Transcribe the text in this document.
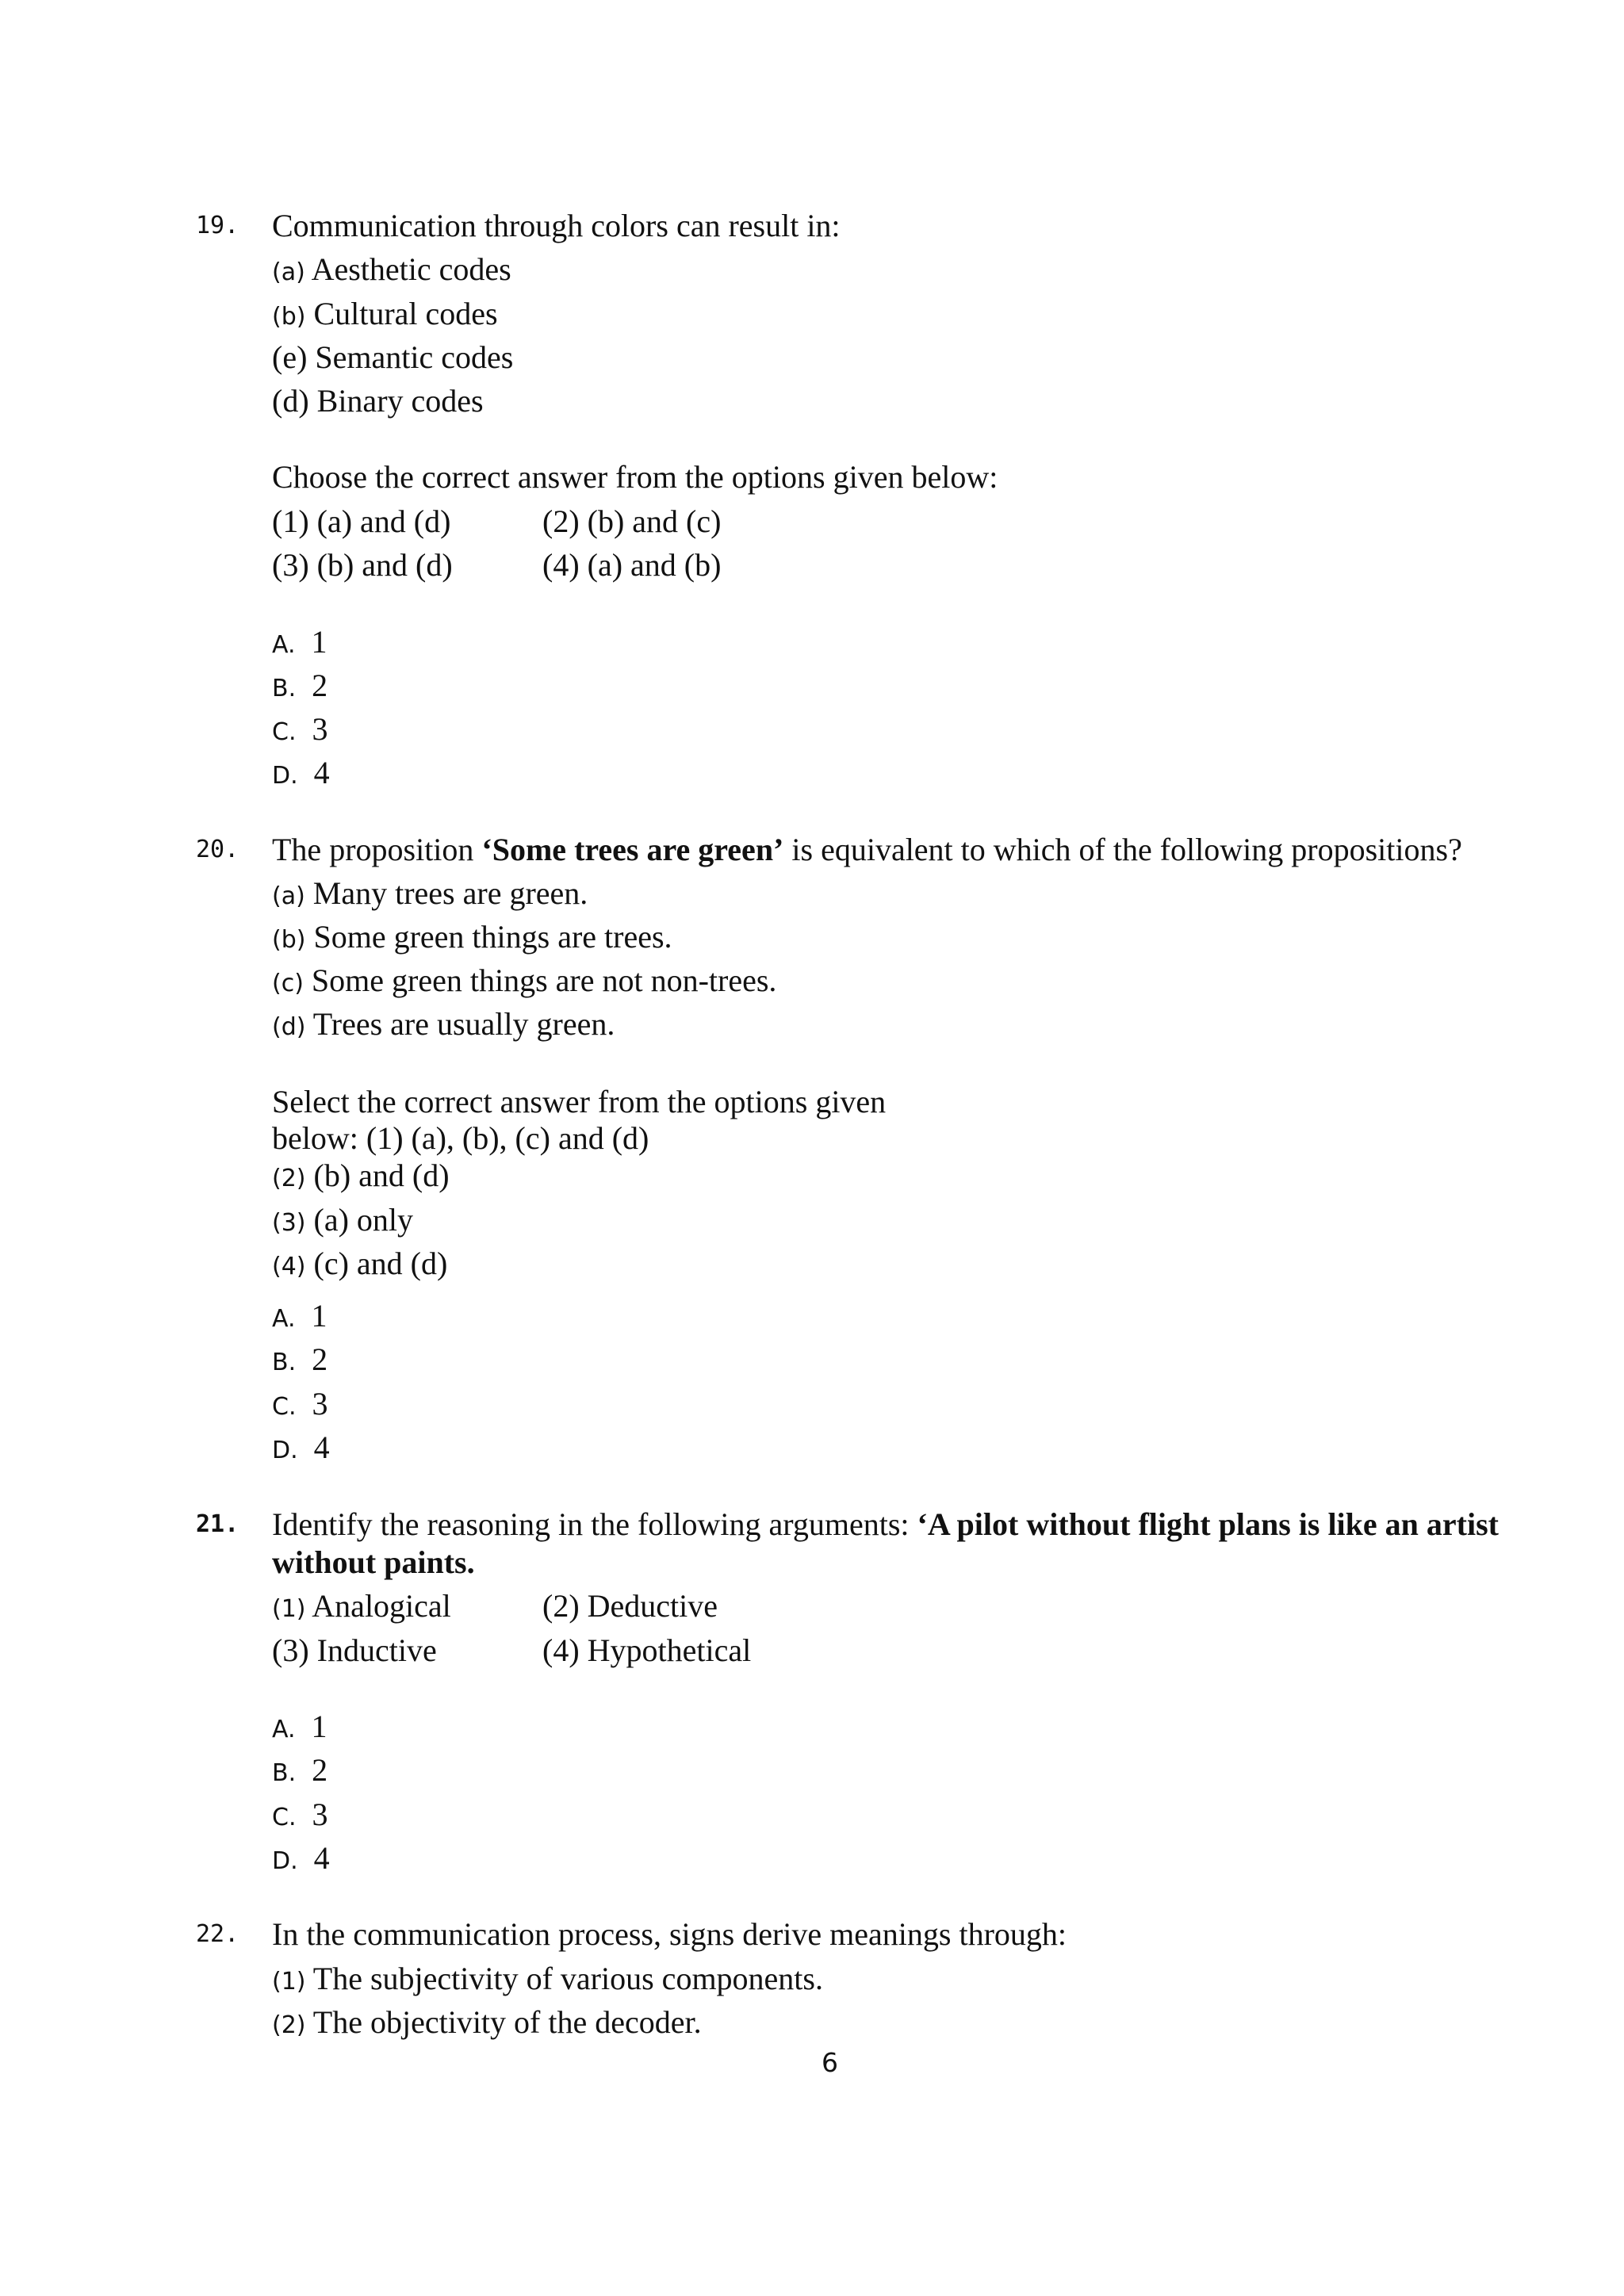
19. Communication through colors can result in:
(a) Aesthetic codes
(b) Cultural codes
(e) Semantic codes
(d) Binary codes
Choose the correct answer from the options given below:
(1) (a) and (d)	(2) (b) and (c)
(3) (b) and (d)	(4) (a) and (b)
A. 1
B. 2
C. 3
D. 4
20. The proposition ‘Some trees are green’ is equivalent to which of the following propositions?
(a) Many trees are green.
(b) Some green things are trees.
(c) Some green things are not non-trees.
(d) Trees are usually green.
Select the correct answer from the options given
below: (1) (a), (b), (c) and (d)
(2) (b) and (d)
(3) (a) only
(4) (c) and (d)
A. 1
B. 2
C. 3
D. 4
21. Identify the reasoning in the following arguments: ‘A pilot without flight plans is like an artist
without paints.
(1) Analogical	(2) Deductive
(3) Inductive	(4) Hypothetical
A. 1
B. 2
C. 3
D. 4
22. In the communication process, signs derive meanings through:
(1) The subjectivity of various components.
(2) The objectivity of the decoder.
6
